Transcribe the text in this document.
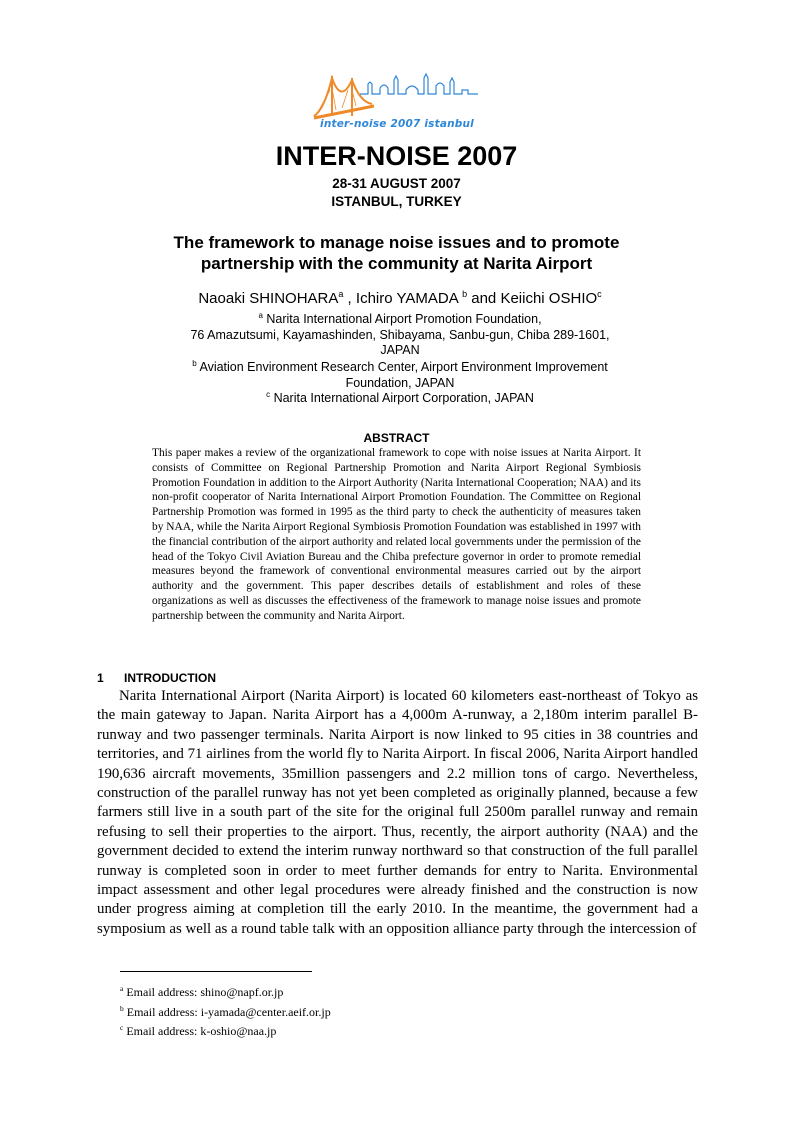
inter-noise 2007 istanbul
INTER-NOISE 2007
28-31 AUGUST 2007
ISTANBUL, TURKEY
The framework to manage noise issues and to promote
partnership with the community at Narita Airport
Naoaki SHINOHARA$^a$ , Ichiro YAMADA $^b$ and Keiichi OSHIO$^c$
$^a$ Narita International Airport Promotion Foundation,
76 Amazutsumi, Kayamashinden, Shibayama, Sanbu-gun, Chiba 289-1601,
JAPAN
$^b$ Aviation Environment Research Center, Airport Environment Improvement
Foundation, JAPAN
$^c$ Narita International Airport Corporation, JAPAN
ABSTRACT

This paper makes a review of the organizational framework to cope with noise issues at Narita Airport. It consists of Committee on Regional Partnership Promotion and Narita Airport Regional Symbiosis Promotion Foundation in addition to the Airport Authority (Narita International Cooperation; NAA) and its non-profit cooperator of Narita International Airport Promotion Foundation. The Committee on Regional Partnership Promotion was formed in 1995 as the third party to check the authenticity of measures taken by NAA, while the Narita Airport Regional Symbiosis Promotion Foundation was established in 1997 with the financial contribution of the airport authority and related local governments under the permission of the head of the Tokyo Civil Aviation Bureau and the Chiba prefecture governor in order to promote remedial measures beyond the framework of conventional environmental measures carried out by the airport authority and the government. This paper describes details of establishment and roles of these organizations as well as discusses the effectiveness of the framework to manage noise issues and promote partnership between the community and Narita Airport.

1 INTRODUCTION

Narita International Airport (Narita Airport) is located 60 kilometers east-northeast of Tokyo as the main gateway to Japan. Narita Airport has a 4,000m A-runway, a 2,180m interim parallel B-runway and two passenger terminals. Narita Airport is now linked to 95 cities in 38 countries and territories, and 71 airlines from the world fly to Narita Airport. In fiscal 2006, Narita Airport handled 190,636 aircraft movements, 35million passengers and 2.2 million tons of cargo. Nevertheless, construction of the parallel runway has not yet been completed as originally planned, because a few farmers still live in a south part of the site for the original full 2500m parallel runway and remain refusing to sell their properties to the airport. Thus, recently, the airport authority (NAA) and the government decided to extend the interim runway northward so that construction of the full parallel runway is completed soon in order to meet further demands for entry to Narita. Environmental impact assessment and other legal procedures were already finished and the construction is now under progress aiming at completion till the early 2010. In the meantime, the government had a symposium as well as a round table talk with an opposition alliance party through the intercession of

$^a$ Email address: shino@napf.or.jp
$^b$ Email address: i-yamada@center.aeif.or.jp
$^c$ Email address: k-oshio@naa.jp
